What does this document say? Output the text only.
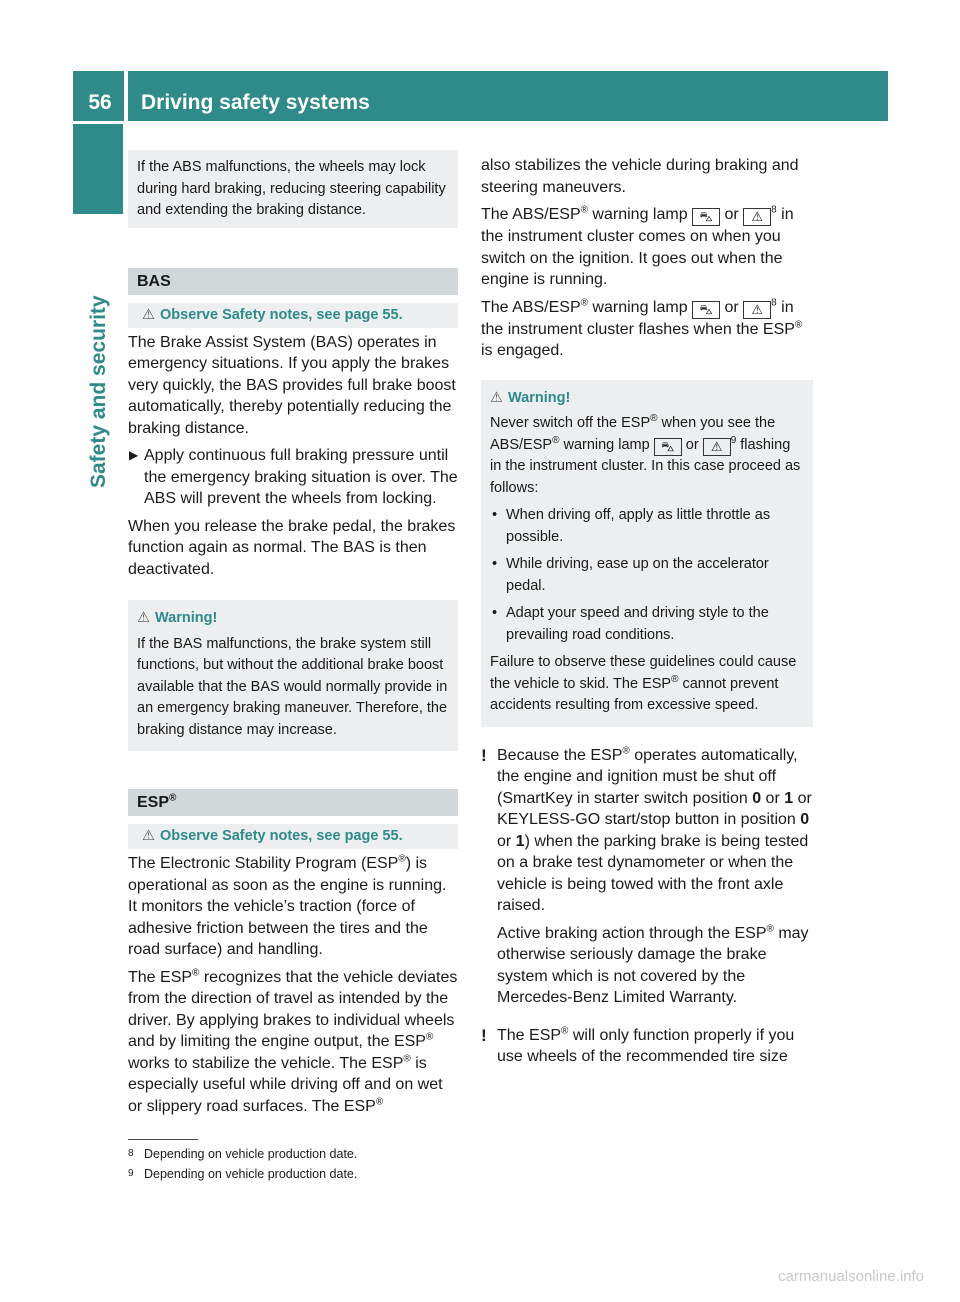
56	Driving safety systems
Safety and security

If the ABS malfunctions, the wheels may lock during hard braking, reducing steering capability and extending the braking distance.

BAS
⚠ Observe Safety notes, see page 55.

The Brake Assist System (BAS) operates in emergency situations. If you apply the brakes very quickly, the BAS provides full brake boost automatically, thereby potentially reducing the braking distance.

▶ Apply continuous full braking pressure until the emergency braking situation is over. The ABS will prevent the wheels from locking.

When you release the brake pedal, the brakes function again as normal. The BAS is then deactivated.

⚠ Warning!

If the BAS malfunctions, the brake system still functions, but without the additional brake boost available that the BAS would normally provide in an emergency braking maneuver. Therefore, the braking distance may increase.

ESP®
⚠ Observe Safety notes, see page 55.

The Electronic Stability Program (ESP®) is operational as soon as the engine is running. It monitors the vehicle’s traction (force of adhesive friction between the tires and the road surface) and handling.

The ESP® recognizes that the vehicle deviates from the direction of travel as intended by the driver. By applying brakes to individual wheels and by limiting the engine output, the ESP® works to stabilize the vehicle. The ESP® is especially useful while driving off and on wet or slippery road surfaces. The ESP®

also stabilizes the vehicle during braking and steering maneuvers.

The ABS/ESP® warning lamp ⛍ or ⚠ $^8$ in the instrument cluster comes on when you switch on the ignition. It goes out when the engine is running.

The ABS/ESP® warning lamp ⛍ or ⚠ $^8$ in the instrument cluster flashes when the ESP® is engaged.

⚠ Warning!

Never switch off the ESP® when you see the ABS/ESP® warning lamp ⛍ or ⚠ $^9$ flashing in the instrument cluster. In this case proceed as follows:

• When driving off, apply as little throttle as possible.

• While driving, ease up on the accelerator pedal.

• Adapt your speed and driving style to the prevailing road conditions.

Failure to observe these guidelines could cause the vehicle to skid. The ESP® cannot prevent accidents resulting from excessive speed.

! Because the ESP® operates automatically, the engine and ignition must be shut off (SmartKey in starter switch position 0 or 1 or KEYLESS-GO start/stop button in position 0 or 1) when the parking brake is being tested on a brake test dynamometer or when the vehicle is being towed with the front axle raised.

Active braking action through the ESP® may otherwise seriously damage the brake system which is not covered by the Mercedes-Benz Limited Warranty.

! The ESP® will only function properly if you use wheels of the recommended tire size

8 Depending on vehicle production date.
9 Depending on vehicle production date.
carmanualsonline.info
